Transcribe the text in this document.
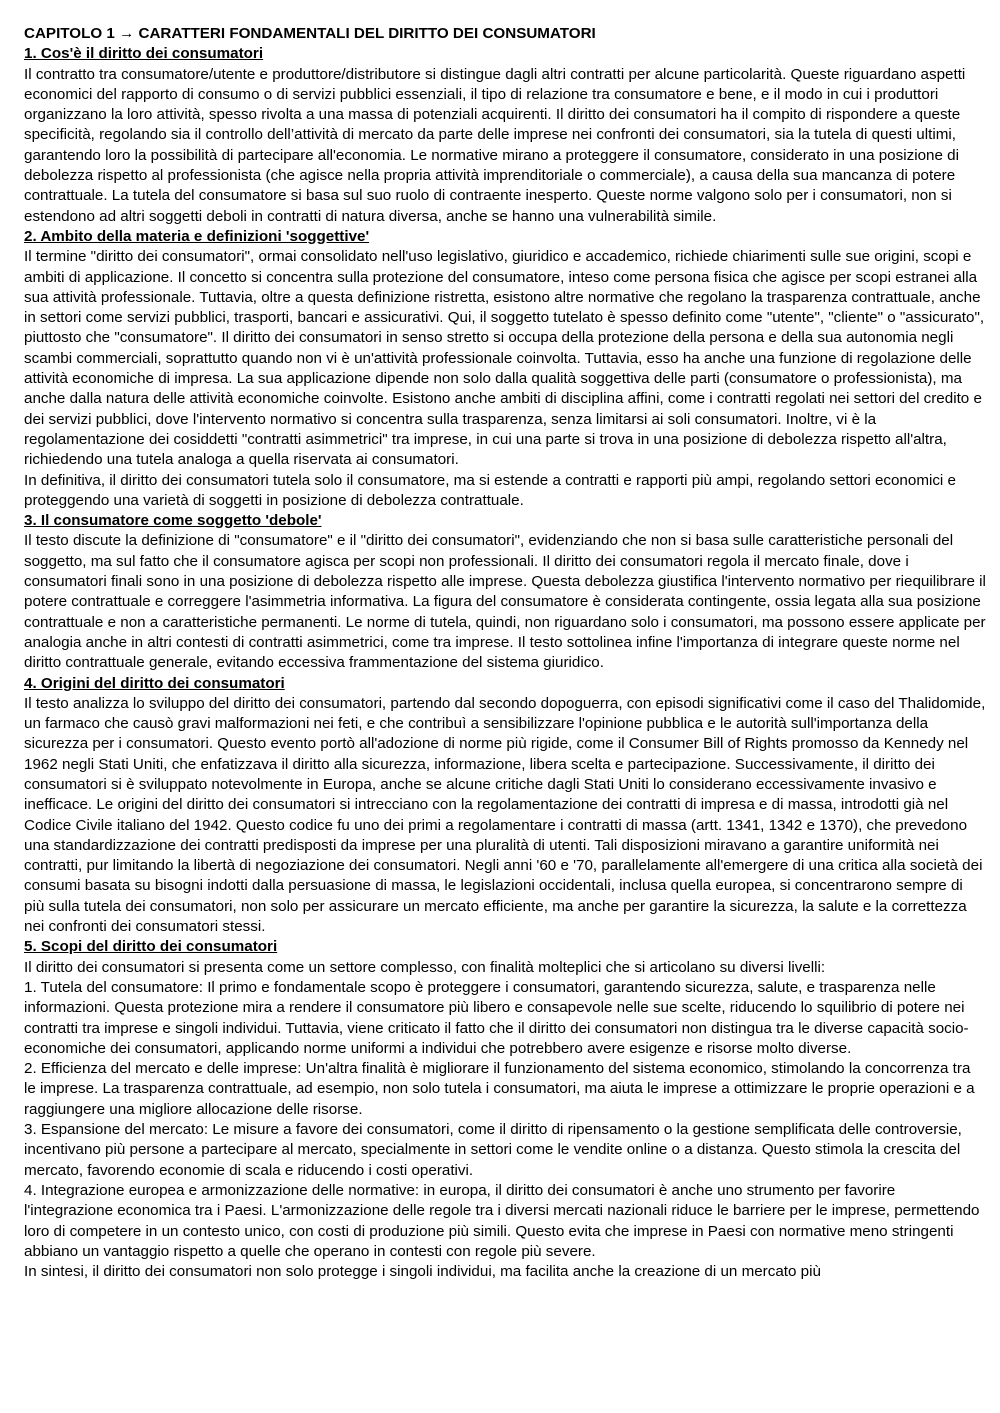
CAPITOLO 1 → CARATTERI FONDAMENTALI DEL DIRITTO DEI CONSUMATORI
1. Cos'è il diritto dei consumatori
Il contratto tra consumatore/utente e produttore/distributore si distingue dagli altri contratti per alcune particolarità. Queste riguardano aspetti economici del rapporto di consumo o di servizi pubblici essenziali, il tipo di relazione tra consumatore e bene, e il modo in cui i produttori organizzano la loro attività, spesso rivolta a una massa di potenziali acquirenti. Il diritto dei consumatori ha il compito di rispondere a queste specificità, regolando sia il controllo dell’attività di mercato da parte delle imprese nei confronti dei consumatori, sia la tutela di questi ultimi, garantendo loro la possibilità di partecipare all'economia. Le normative mirano a proteggere il consumatore, considerato in una posizione di debolezza rispetto al professionista (che agisce nella propria attività imprenditoriale o commerciale), a causa della sua mancanza di potere contrattuale. La tutela del consumatore si basa sul suo ruolo di contraente inesperto. Queste norme valgono solo per i consumatori, non si estendono ad altri soggetti deboli in contratti di natura diversa, anche se hanno una vulnerabilità simile.
2. Ambito della materia e definizioni 'soggettive'
Il termine "diritto dei consumatori", ormai consolidato nell'uso legislativo, giuridico e accademico, richiede chiarimenti sulle sue origini, scopi e ambiti di applicazione. Il concetto si concentra sulla protezione del consumatore, inteso come persona fisica che agisce per scopi estranei alla sua attività professionale. Tuttavia, oltre a questa definizione ristretta, esistono altre normative che regolano la trasparenza contrattuale, anche in settori come servizi pubblici, trasporti, bancari e assicurativi. Qui, il soggetto tutelato è spesso definito come "utente", "cliente" o "assicurato", piuttosto che "consumatore". Il diritto dei consumatori in senso stretto si occupa della protezione della persona e della sua autonomia negli scambi commerciali, soprattutto quando non vi è un'attività professionale coinvolta. Tuttavia, esso ha anche una funzione di regolazione delle attività economiche di impresa. La sua applicazione dipende non solo dalla qualità soggettiva delle parti (consumatore o professionista), ma anche dalla natura delle attività economiche coinvolte. Esistono anche ambiti di disciplina affini, come i contratti regolati nei settori del credito e dei servizi pubblici, dove l'intervento normativo si concentra sulla trasparenza, senza limitarsi ai soli consumatori. Inoltre, vi è la regolamentazione dei cosiddetti "contratti asimmetrici" tra imprese, in cui una parte si trova in una posizione di debolezza rispetto all'altra, richiedendo una tutela analoga a quella riservata ai consumatori.
In definitiva, il diritto dei consumatori tutela solo il consumatore, ma si estende a contratti e rapporti più ampi, regolando settori economici e proteggendo una varietà di soggetti in posizione di debolezza contrattuale.
3. Il consumatore come soggetto 'debole'
Il testo discute la definizione di "consumatore" e il "diritto dei consumatori", evidenziando che non si basa sulle caratteristiche personali del soggetto, ma sul fatto che il consumatore agisca per scopi non professionali. Il diritto dei consumatori regola il mercato finale, dove i consumatori finali sono in una posizione di debolezza rispetto alle imprese. Questa debolezza giustifica l'intervento normativo per riequilibrare il potere contrattuale e correggere l'asimmetria informativa. La figura del consumatore è considerata contingente, ossia legata alla sua posizione contrattuale e non a caratteristiche permanenti. Le norme di tutela, quindi, non riguardano solo i consumatori, ma possono essere applicate per analogia anche in altri contesti di contratti asimmetrici, come tra imprese. Il testo sottolinea infine l'importanza di integrare queste norme nel diritto contrattuale generale, evitando eccessiva frammentazione del sistema giuridico.
4. Origini del diritto dei consumatori
Il testo analizza lo sviluppo del diritto dei consumatori, partendo dal secondo dopoguerra, con episodi significativi come il caso del Thalidomide, un farmaco che causò gravi malformazioni nei feti, e che contribuì a sensibilizzare l'opinione pubblica e le autorità sull'importanza della sicurezza per i consumatori. Questo evento portò all'adozione di norme più rigide, come il Consumer Bill of Rights promosso da Kennedy nel 1962 negli Stati Uniti, che enfatizzava il diritto alla sicurezza, informazione, libera scelta e partecipazione. Successivamente, il diritto dei consumatori si è sviluppato notevolmente in Europa, anche se alcune critiche dagli Stati Uniti lo considerano eccessivamente invasivo e inefficace. Le origini del diritto dei consumatori si intrecciano con la regolamentazione dei contratti di impresa e di massa, introdotti già nel Codice Civile italiano del 1942. Questo codice fu uno dei primi a regolamentare i contratti di massa (artt. 1341, 1342 e 1370), che prevedono una standardizzazione dei contratti predisposti da imprese per una pluralità di utenti. Tali disposizioni miravano a garantire uniformità nei contratti, pur limitando la libertà di negoziazione dei consumatori. Negli anni '60 e '70, parallelamente all'emergere di una critica alla società dei consumi basata su bisogni indotti dalla persuasione di massa, le legislazioni occidentali, inclusa quella europea, si concentrarono sempre di più sulla tutela dei consumatori, non solo per assicurare un mercato efficiente, ma anche per garantire la sicurezza, la salute e la correttezza nei confronti dei consumatori stessi.
5. Scopi del diritto dei consumatori
Il diritto dei consumatori si presenta come un settore complesso, con finalità molteplici che si articolano su diversi livelli:
1. Tutela del consumatore: Il primo e fondamentale scopo è proteggere i consumatori, garantendo sicurezza, salute, e trasparenza nelle informazioni. Questa protezione mira a rendere il consumatore più libero e consapevole nelle sue scelte, riducendo lo squilibrio di potere nei contratti tra imprese e singoli individui. Tuttavia, viene criticato il fatto che il diritto dei consumatori non distingua tra le diverse capacità socio-economiche dei consumatori, applicando norme uniformi a individui che potrebbero avere esigenze e risorse molto diverse.
2. Efficienza del mercato e delle imprese: Un'altra finalità è migliorare il funzionamento del sistema economico, stimolando la concorrenza tra le imprese. La trasparenza contrattuale, ad esempio, non solo tutela i consumatori, ma aiuta le imprese a ottimizzare le proprie operazioni e a raggiungere una migliore allocazione delle risorse.
3. Espansione del mercato: Le misure a favore dei consumatori, come il diritto di ripensamento o la gestione semplificata delle controversie, incentivano più persone a partecipare al mercato, specialmente in settori come le vendite online o a distanza. Questo stimola la crescita del mercato, favorendo economie di scala e riducendo i costi operativi.
4. Integrazione europea e armonizzazione delle normative: in europa, il diritto dei consumatori è anche uno strumento per favorire l'integrazione economica tra i Paesi. L'armonizzazione delle regole tra i diversi mercati nazionali riduce le barriere per le imprese, permettendo loro di competere in un contesto unico, con costi di produzione più simili. Questo evita che imprese in Paesi con normative meno stringenti abbiano un vantaggio rispetto a quelle che operano in contesti con regole più severe.
In sintesi, il diritto dei consumatori non solo protegge i singoli individui, ma facilita anche la creazione di un mercato più
